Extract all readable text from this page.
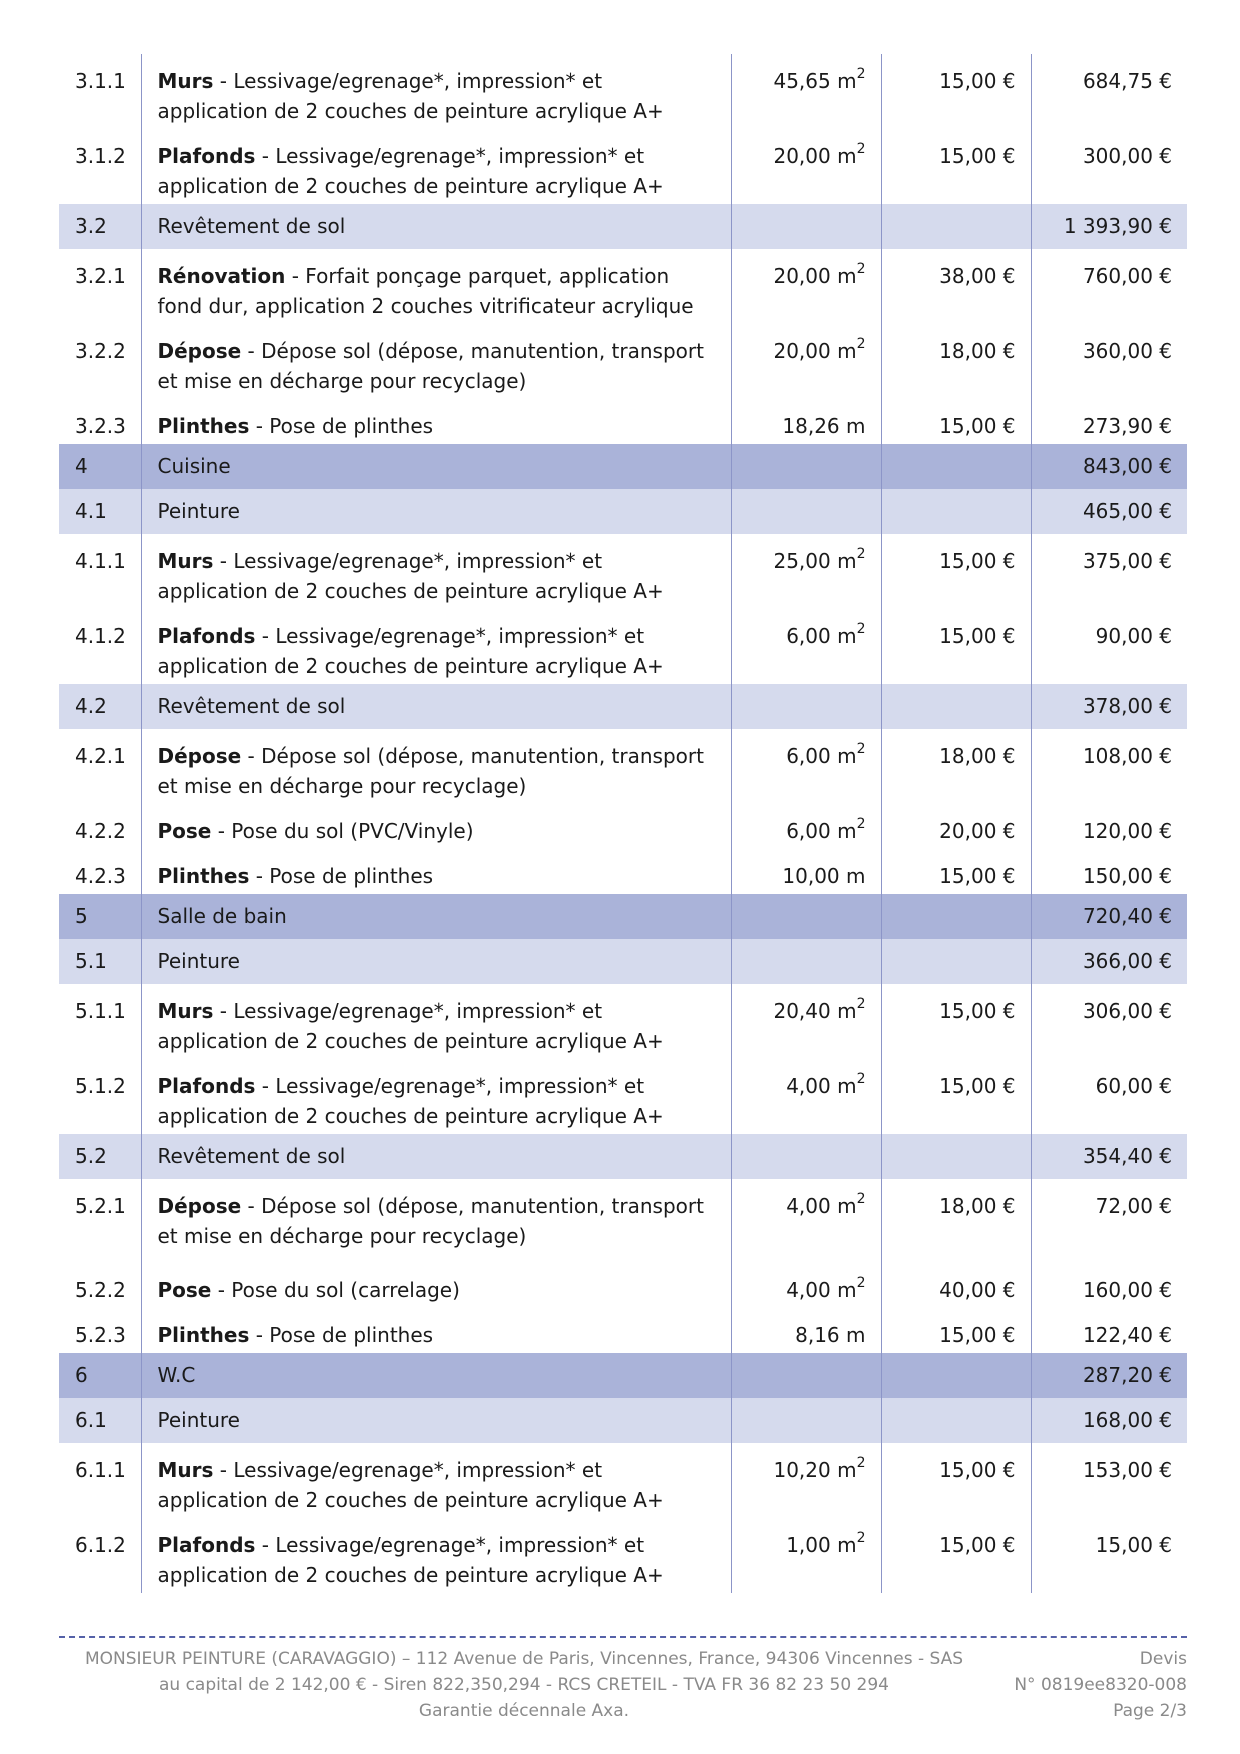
3.1.1	Murs - Lessivage/egrenage*, impression* et application de 2 couches de peinture acrylique A+	45,65 $m^2$	15,00 €	684,75 €
3.1.2	Plafonds - Lessivage/egrenage*, impression* et application de 2 couches de peinture acrylique A+	20,00 $m^2$	15,00 €	300,00 €
3.2	Revêtement de sol			1 393,90 €
3.2.1	Rénovation - Forfait ponçage parquet, application fond dur, application 2 couches vitrificateur acrylique	20,00 $m^2$	38,00 €	760,00 €
3.2.2	Dépose - Dépose sol (dépose, manutention, transport et mise en décharge pour recyclage)	20,00 $m^2$	18,00 €	360,00 €
3.2.3	Plinthes - Pose de plinthes	18,26 m	15,00 €	273,90 €
4	Cuisine			843,00 €
4.1	Peinture			465,00 €
4.1.1	Murs - Lessivage/egrenage*, impression* et application de 2 couches de peinture acrylique A+	25,00 $m^2$	15,00 €	375,00 €
4.1.2	Plafonds - Lessivage/egrenage*, impression* et application de 2 couches de peinture acrylique A+	6,00 $m^2$	15,00 €	90,00 €
4.2	Revêtement de sol			378,00 €
4.2.1	Dépose - Dépose sol (dépose, manutention, transport et mise en décharge pour recyclage)	6,00 $m^2$	18,00 €	108,00 €
4.2.2	Pose - Pose du sol (PVC/Vinyle)	6,00 $m^2$	20,00 €	120,00 €
4.2.3	Plinthes - Pose de plinthes	10,00 m	15,00 €	150,00 €
5	Salle de bain			720,40 €
5.1	Peinture			366,00 €
5.1.1	Murs - Lessivage/egrenage*, impression* et application de 2 couches de peinture acrylique A+	20,40 $m^2$	15,00 €	306,00 €
5.1.2	Plafonds - Lessivage/egrenage*, impression* et application de 2 couches de peinture acrylique A+	4,00 $m^2$	15,00 €	60,00 €
5.2	Revêtement de sol			354,40 €
5.2.1	Dépose - Dépose sol (dépose, manutention, transport et mise en décharge pour recyclage)	4,00 $m^2$	18,00 €	72,00 €
5.2.2	Pose - Pose du sol (carrelage)	4,00 $m^2$	40,00 €	160,00 €
5.2.3	Plinthes - Pose de plinthes	8,16 m	15,00 €	122,40 €
6	W.C			287,20 €
6.1	Peinture			168,00 €
6.1.1	Murs - Lessivage/egrenage*, impression* et application de 2 couches de peinture acrylique A+	10,20 $m^2$	15,00 €	153,00 €
6.1.2	Plafonds - Lessivage/egrenage*, impression* et application de 2 couches de peinture acrylique A+	1,00 $m^2$	15,00 €	15,00 €
MONSIEUR PEINTURE (CARAVAGGIO) – 112 Avenue de Paris, Vincennes, France, 94306 Vincennes - SAS
au capital de 2 142,00 € - Siren 822,350,294 - RCS CRETEIL - TVA FR 36 82 23 50 294
Garantie décennale Axa.
Devis
N° 0819ee8320-008
Page 2/3
